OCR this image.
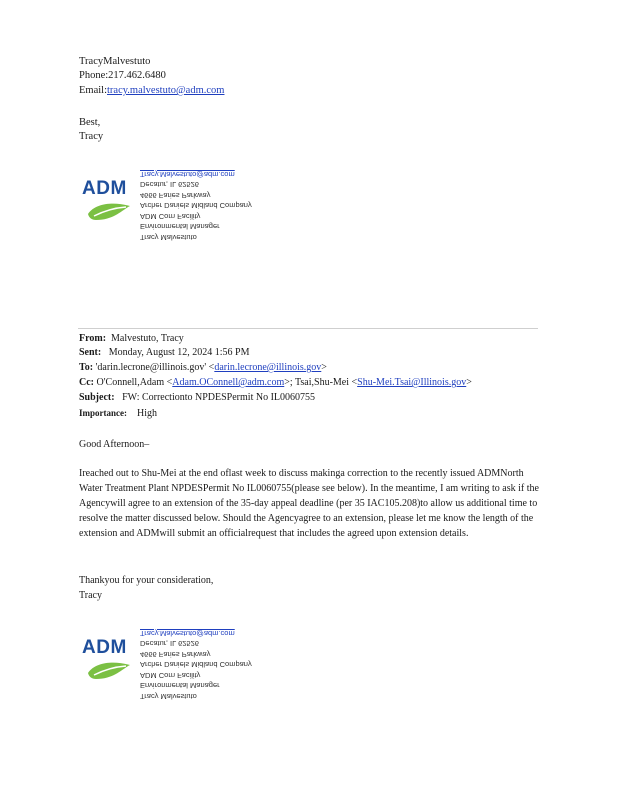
TracyMalvestuto
Phone:217.462.6480
Email:tracy.malvestuto@adm.com
Best,
Tracy
ADM
Tracy Malvestuto
Environmental Manager
ADM Corn Facility
Archer Daniels Midland Company
4666 Faries Parkway
Decatur, IL 62526
Tracy.Malvestuto@adm.com
From: Malvestuto, Tracy
Sent: Monday, August 12, 2024 1:56 PM
To: 'darin.lecrone@illinois.gov' <darin.lecrone@illinois.gov>
Cc: O'Connell,Adam <Adam.OConnell@adm.com>; Tsai,Shu-Mei <Shu-Mei.Tsai@Illinois.gov>
Subject: FW: Correctionto NPDESPermit No IL0060755
Importance: High
Good Afternoon–
Ireached out to Shu-Mei at the end oflast week to discuss makinga correction to the recently issued ADMNorth Water Treatment Plant NPDESPermit No IL0060755(please see below). In the meantime, I am writing to ask if the Agencywill agree to an extension of the 35-day appeal deadline (per 35 IAC105.208)to allow us additional time to resolve the matter discussed below. Should the Agencyagree to an extension, please let me know the length of the extension and ADMwill submit an officialrequest that includes the agreed upon extension details.
Thankyou for your consideration,
Tracy
ADM
Tracy Malvestuto
Environmental Manager
ADM Corn Facility
Archer Daniels Midland Company
4666 Faries Parkway
Decatur, IL 62526
Tracy.Malvestuto@adm.com
